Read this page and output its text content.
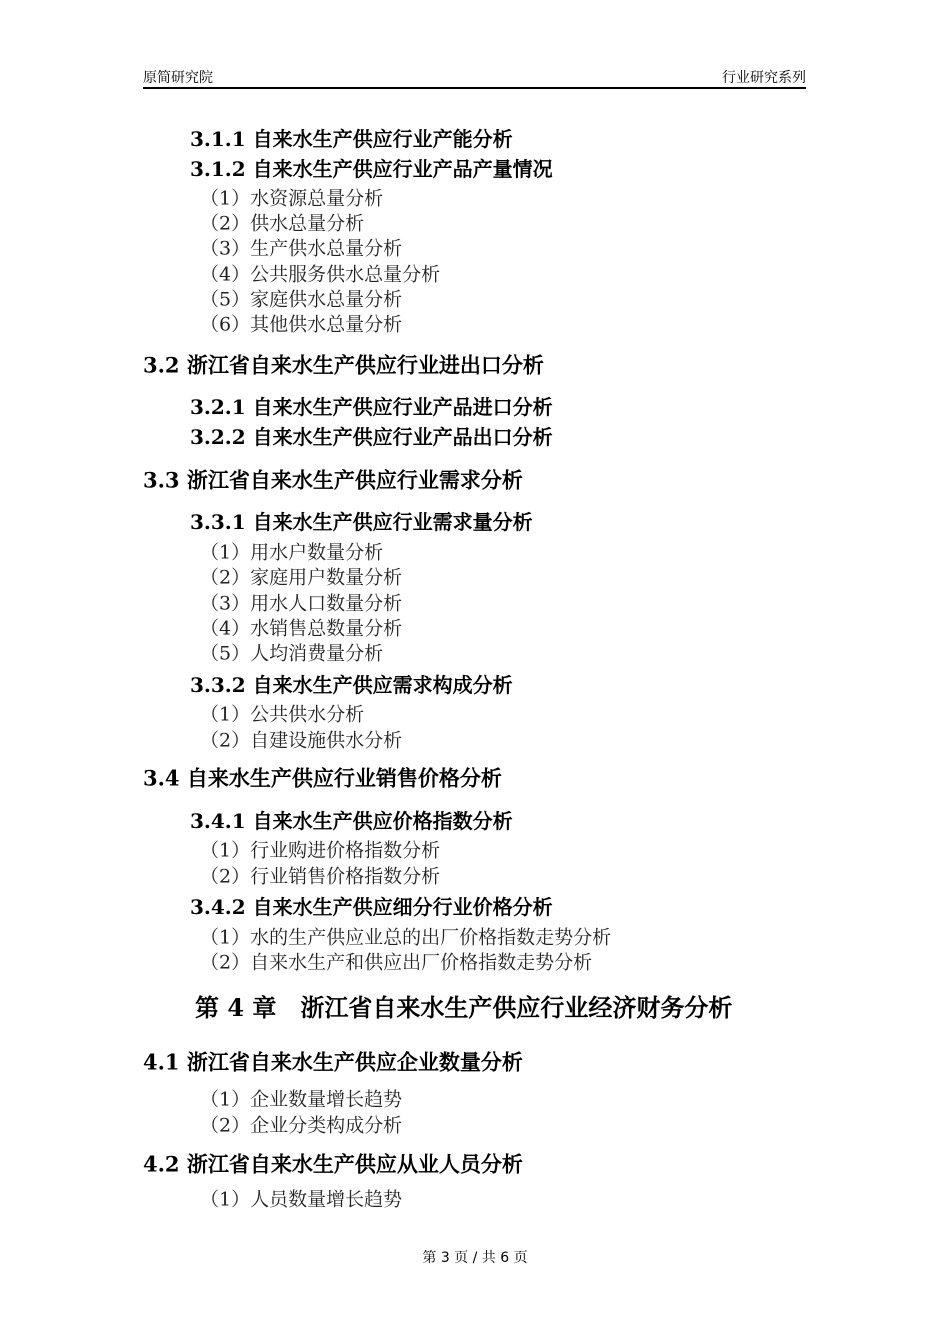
原简研究院	行业研究系列
3.1.1 自来水生产供应行业产能分析
3.1.2 自来水生产供应行业产品产量情况
（1）水资源总量分析
（2）供水总量分析
（3）生产供水总量分析
（4）公共服务供水总量分析
（5）家庭供水总量分析
（6）其他供水总量分析
3.2 浙江省自来水生产供应行业进出口分析
3.2.1 自来水生产供应行业产品进口分析
3.2.2 自来水生产供应行业产品出口分析
3.3 浙江省自来水生产供应行业需求分析
3.3.1 自来水生产供应行业需求量分析
（1）用水户数量分析
（2）家庭用户数量分析
（3）用水人口数量分析
（4）水销售总数量分析
（5）人均消费量分析
3.3.2 自来水生产供应需求构成分析
（1）公共供水分析
（2）自建设施供水分析
3.4 自来水生产供应行业销售价格分析
3.4.1 自来水生产供应价格指数分析
（1）行业购进价格指数分析
（2）行业销售价格指数分析
3.4.2 自来水生产供应细分行业价格分析
（1）水的生产供应业总的出厂价格指数走势分析
（2）自来水生产和供应出厂价格指数走势分析
第 4 章　浙江省自来水生产供应行业经济财务分析
4.1 浙江省自来水生产供应企业数量分析
（1）企业数量增长趋势
（2）企业分类构成分析
4.2 浙江省自来水生产供应从业人员分析
（1）人员数量增长趋势
第 3 页 / 共 6 页
